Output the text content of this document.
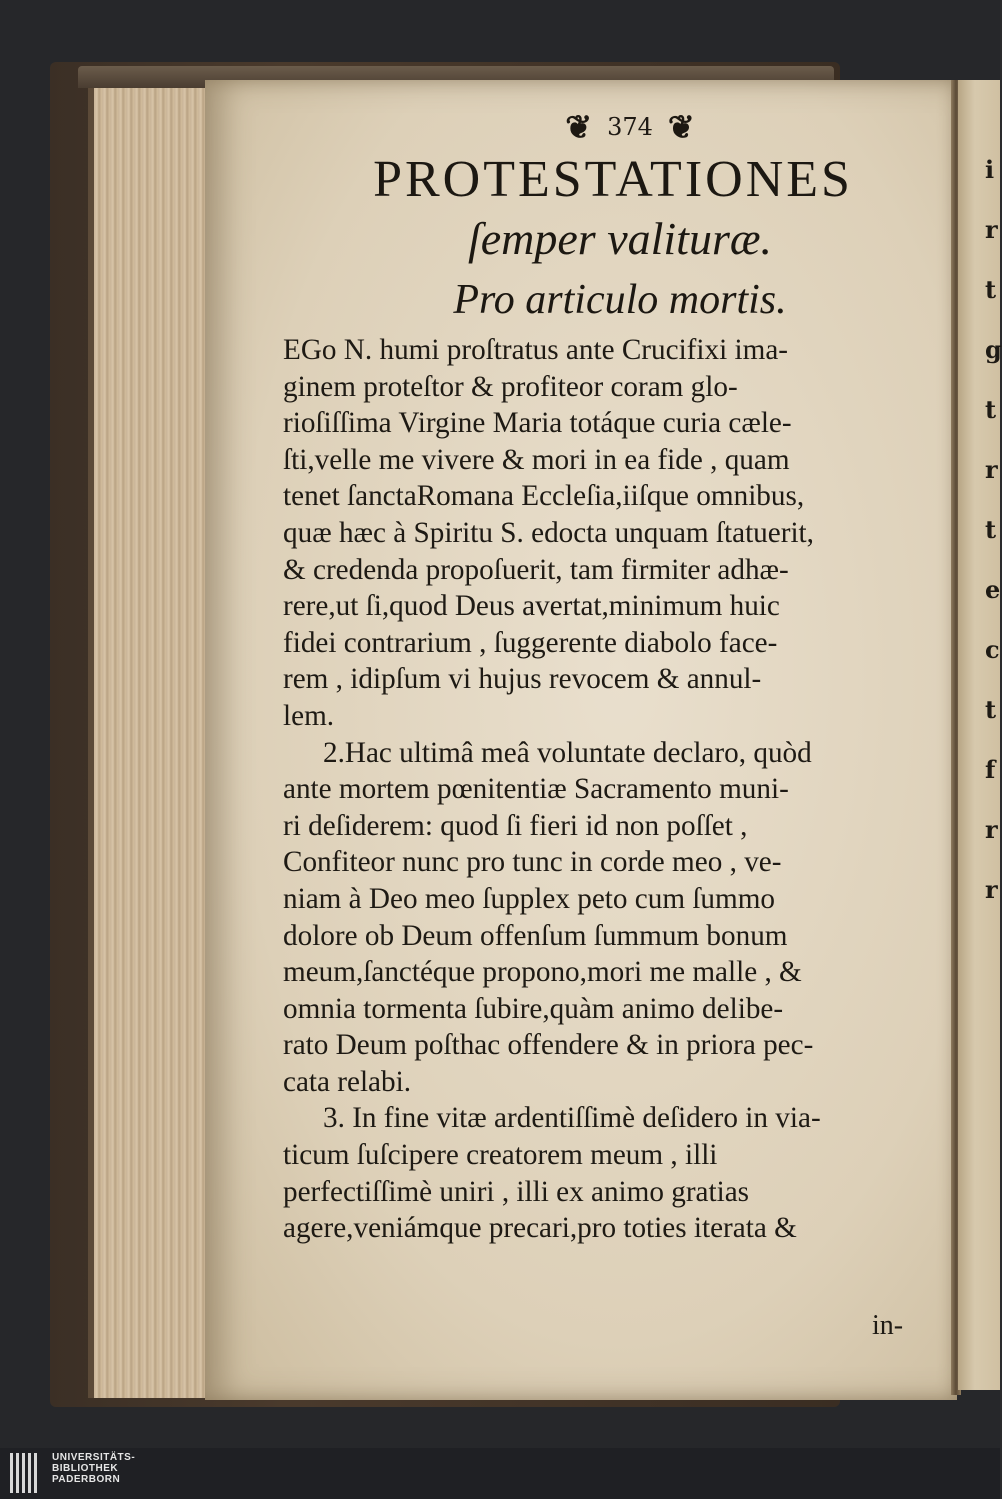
i
r
t
g
t
r
t
e
c
t
f
r
r
❦ 374 ❦
PROTESTATIONES
ſemper valituræ.
Pro articulo mortis.
EGo N. humi proſtratus ante Crucifixi ima-
ginem proteſtor & profiteor coram glo-
rioſiſſima Virgine Maria totáque curia cæle-
ſti,velle me vivere & mori in ea fide , quam
tenet ſanctaRomana Eccleſia,iiſque omnibus,
quæ hæc à Spiritu S. edocta unquam ſtatuerit,
& credenda propoſuerit, tam firmiter adhæ-
rere,ut ſi,quod Deus avertat,minimum huic
fidei contrarium , ſuggerente diabolo face-
rem , idipſum vi hujus revocem & annul-
lem.
2.Hac ultimâ meâ voluntate declaro, quòd
ante mortem pœnitentiæ Sacramento muni-
ri deſiderem: quod ſi fieri id non poſſet ,
Confiteor nunc pro tunc in corde meo , ve-
niam à Deo meo ſupplex peto cum ſummo
dolore ob Deum offenſum ſummum bonum
meum,ſanctéque propono,mori me malle , &
omnia tormenta ſubire,quàm animo delibe-
rato Deum poſthac offendere & in priora pec-
cata relabi.
3. In fine vitæ ardentiſſimè deſidero in via-
ticum ſuſcipere creatorem meum , illi
perfectiſſimè uniri , illi ex animo gratias
agere,veniámque precari,pro toties iterata &
in-
UNIVERSITÄTS-
BIBLIOTHEK
PADERBORN
